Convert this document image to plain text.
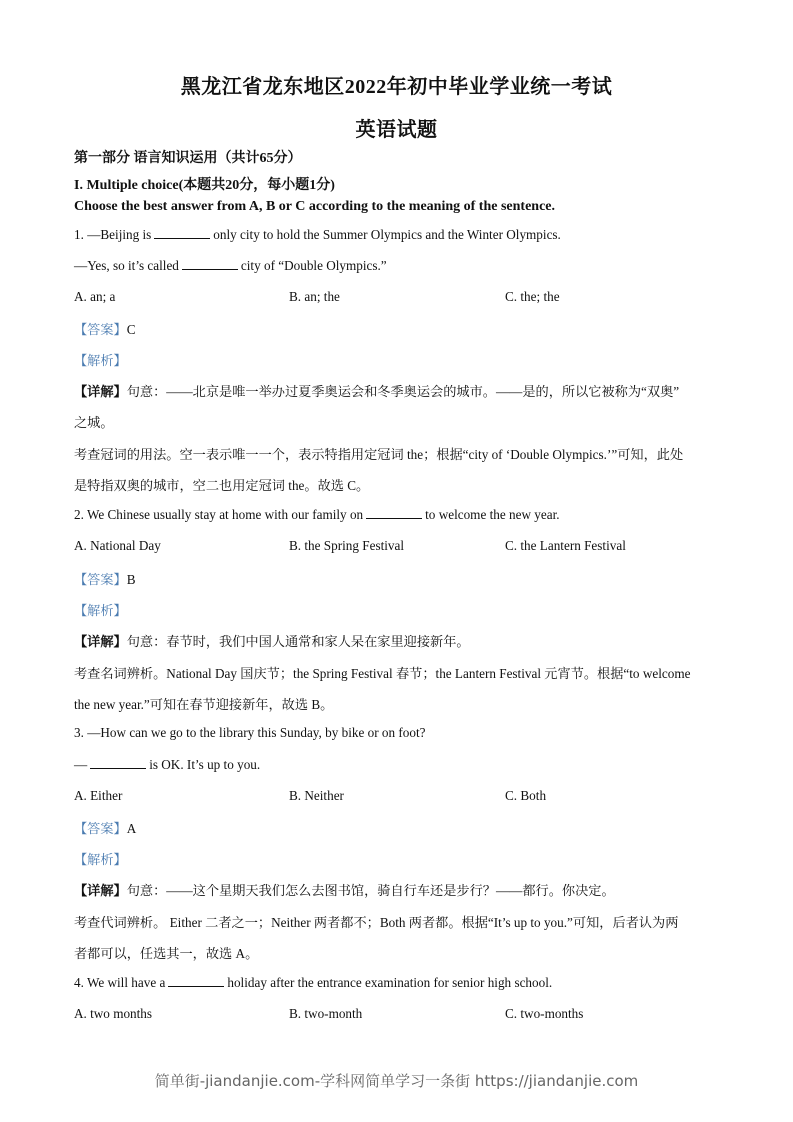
黑龙江省龙东地区2022年初中毕业学业统一考试
英语试题
第一部分 语言知识运用（共计65分）
I. Multiple choice(本题共20分，每小题1分)
Choose the best answer from A, B or C according to the meaning of the sentence.
1. —Beijing is	only city to hold the Summer Olympics and the Winter Olympics.
—Yes, so it’s called	city of “Double Olympics.”
A. an; a	B. an; the	C. the; the
【答案】C
【解析】
【详解】句意：——北京是唯一举办过夏季奥运会和冬季奥运会的城市。——是的，所以它被称为“双奥”
之城。
考查冠词的用法。空一表示唯一一个，表示特指用定冠词 the；根据“city of ‘Double Olympics.’”可知，此处
是特指双奥的城市，空二也用定冠词 the。故选 C。
2. We Chinese usually stay at home with our family on	to welcome the new year.
A. National Day	B. the Spring Festival	C. the Lantern Festival
【答案】B
【解析】
【详解】句意：春节时，我们中国人通常和家人呆在家里迎接新年。
考查名词辨析。National Day 国庆节；the Spring Festival 春节；the Lantern Festival 元宵节。根据“to welcome
the new year.”可知在春节迎接新年，故选 B。
3. —How can we go to the library this Sunday, by bike or on foot?
—	is OK. It’s up to you.
A. Either	B. Neither	C. Both
【答案】A
【解析】
【详解】句意：——这个星期天我们怎么去图书馆，骑自行车还是步行？——都行。你决定。
考查代词辨析。 Either 二者之一；Neither 两者都不；Both 两者都。根据“It’s up to you.”可知，后者认为两
者都可以，任选其一，故选 A。
4. We will have a	holiday after the entrance examination for senior high school.
A. two months	B. two-month	C. two-months
简单街-jiandanjie.com-学科网简单学习一条街 https://jiandanjie.com
